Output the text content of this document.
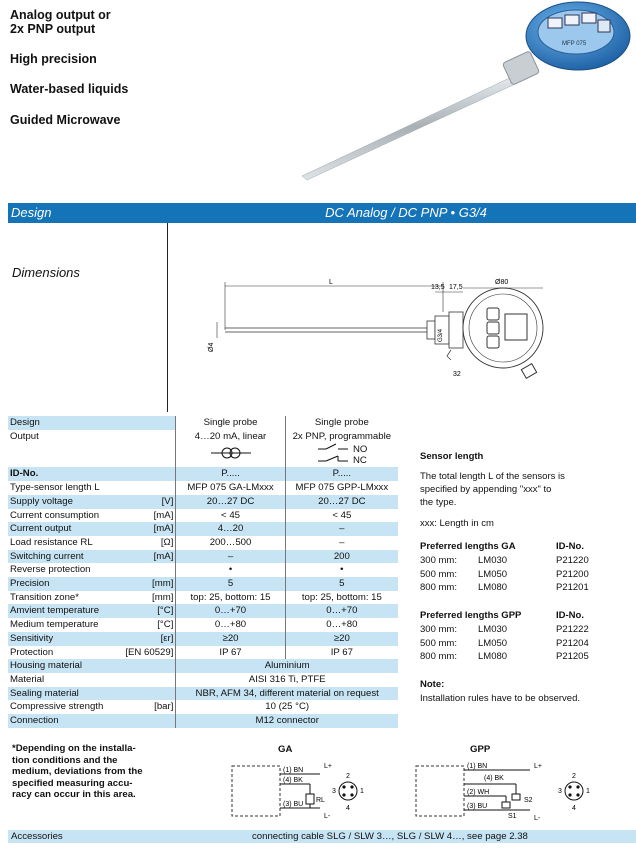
Analog output or
2x PNP output
High precision
Water-based liquids
Guided Microwave
MFP 075
Design	DC Analog / DC PNP • G3/4
Dimensions
L
Ø4
G3/4
13,5 17,5
Ø80
32
Design		Single probe	Single probe
Output		4…20 mA, linear	2x PNP, programmable
			NO
NC
ID-No.		P.....	P.....
Type-sensor length L		MFP 075 GA-LMxxx	MFP 075 GPP-LMxxx
Supply voltage	[V]	20…27 DC	20…27 DC
Current consumption	[mA]	< 45	< 45
Current output	[mA]	4…20	–
Load resistance RL	[Ω]	200…500	–
Switching current	[mA]	–	200
Reverse protection		•	•
Precision	[mm]	5	5
Transition zone*	[mm]	top: 25, bottom: 15	top: 25, bottom: 15
Amvient temperature	[°C]	0…+70	0…+70
Medium temperature	[°C]	0…+80	0…+80
Sensitivity	[εr]	≥20	≥20
Protection	[EN 60529]	IP 67	IP 67
Housing material		Aluminium	
Material		AISI 316 Ti, PTFE	
Sealing material		NBR, AFM 34, different material on request	
Compressive strength	[bar]	10 (25 °C)	
Connection		M12 connector	
Sensor length
The total length L of the sensors is
specified by appending "xxx" to
the type.
xxx: Length in cm
Preferred lengths GA	ID-No.
300 mm: LM030	P21220
500 mm: LM050	P21200
800 mm: LM080	P21201
Preferred lengths GPP	ID-No.
300 mm: LM030	P21222
500 mm: LM050	P21204
800 mm: LM080	P21205
Note:
Installation rules have to be observed.
*Depending on the installa-
tion conditions and the
medium, deviations from the
specified measuring accu-
racy can occur in this area.
GA	GPP
(1) BN
(4) BK
(3) BU
RL
L+
L-
1
2
3
4
(1) BN
(4) BK
(2) WH
(3) BU
S2
S1
L+
L-
1
2
3
4
Accessories	connecting cable SLG / SLW 3…, SLG / SLW 4…, see page 2.38
